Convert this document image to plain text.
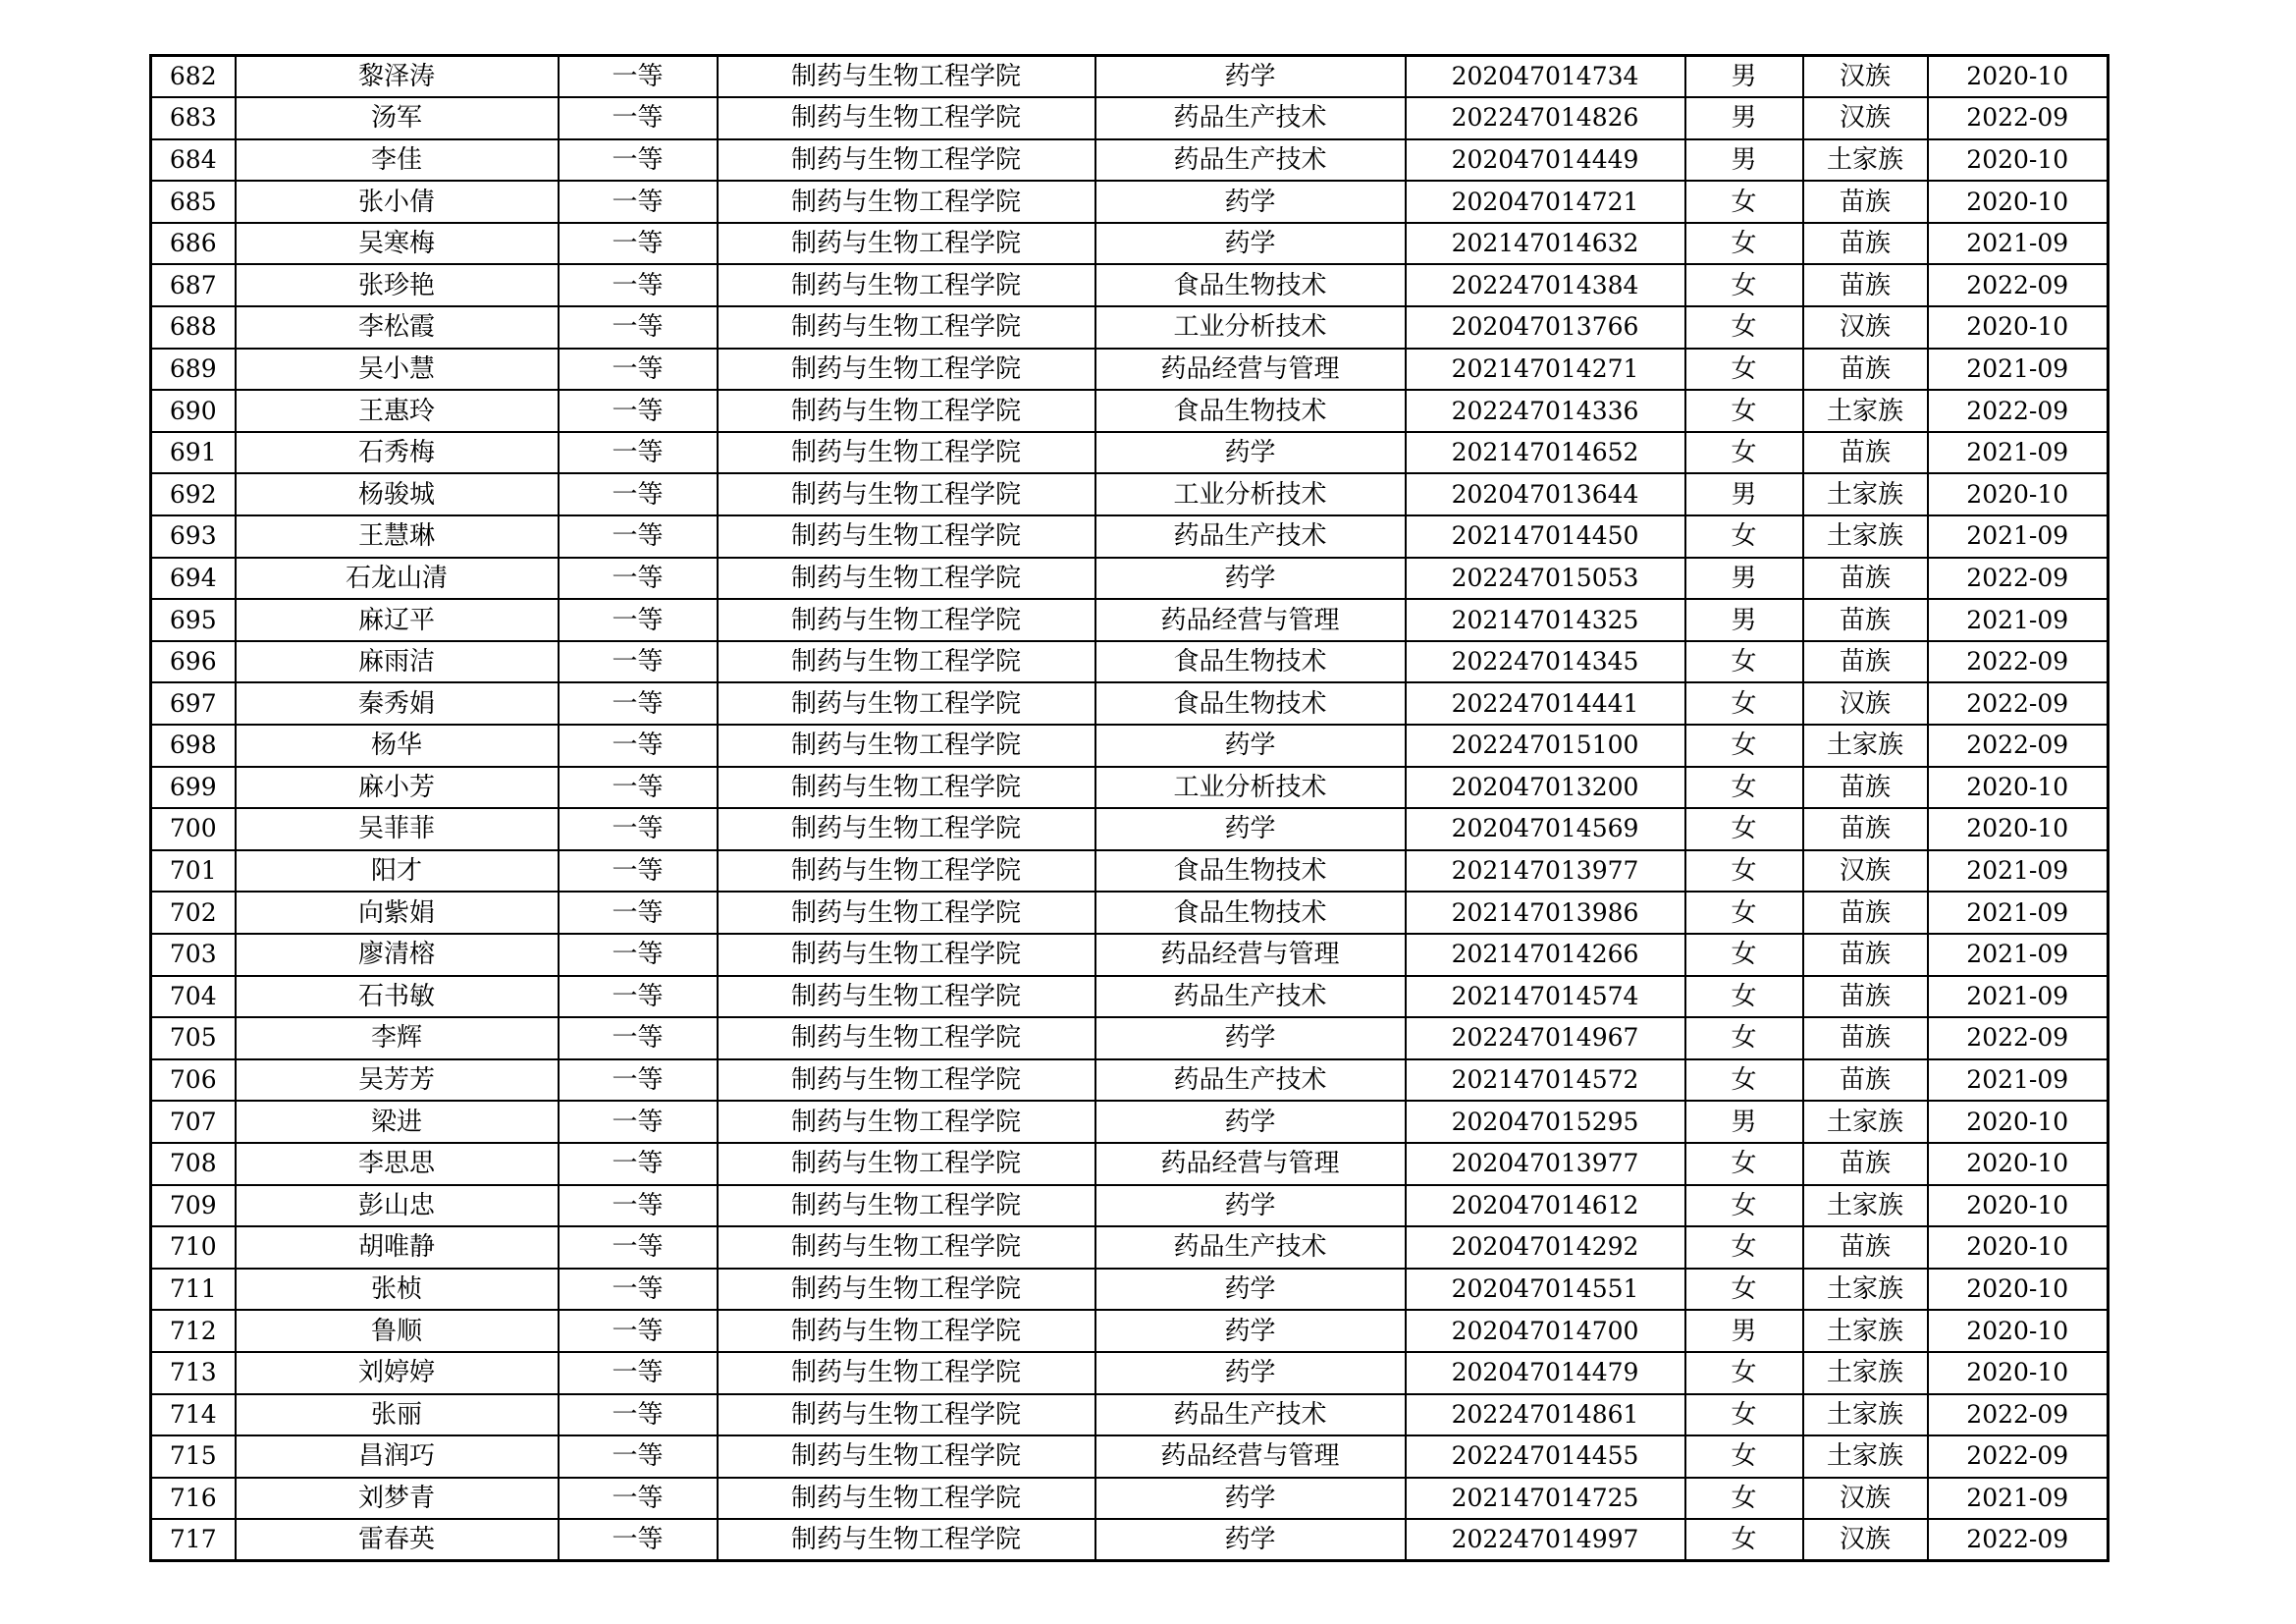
682	黎泽涛	一等	制药与生物工程学院	药学	202047014734	男	汉族	2020-10
683	汤军	一等	制药与生物工程学院	药品生产技术	202247014826	男	汉族	2022-09
684	李佳	一等	制药与生物工程学院	药品生产技术	202047014449	男	土家族	2020-10
685	张小倩	一等	制药与生物工程学院	药学	202047014721	女	苗族	2020-10
686	吴寒梅	一等	制药与生物工程学院	药学	202147014632	女	苗族	2021-09
687	张珍艳	一等	制药与生物工程学院	食品生物技术	202247014384	女	苗族	2022-09
688	李松霞	一等	制药与生物工程学院	工业分析技术	202047013766	女	汉族	2020-10
689	吴小慧	一等	制药与生物工程学院	药品经营与管理	202147014271	女	苗族	2021-09
690	王惠玲	一等	制药与生物工程学院	食品生物技术	202247014336	女	土家族	2022-09
691	石秀梅	一等	制药与生物工程学院	药学	202147014652	女	苗族	2021-09
692	杨骏城	一等	制药与生物工程学院	工业分析技术	202047013644	男	土家族	2020-10
693	王慧琳	一等	制药与生物工程学院	药品生产技术	202147014450	女	土家族	2021-09
694	石龙山清	一等	制药与生物工程学院	药学	202247015053	男	苗族	2022-09
695	麻辽平	一等	制药与生物工程学院	药品经营与管理	202147014325	男	苗族	2021-09
696	麻雨洁	一等	制药与生物工程学院	食品生物技术	202247014345	女	苗族	2022-09
697	秦秀娟	一等	制药与生物工程学院	食品生物技术	202247014441	女	汉族	2022-09
698	杨华	一等	制药与生物工程学院	药学	202247015100	女	土家族	2022-09
699	麻小芳	一等	制药与生物工程学院	工业分析技术	202047013200	女	苗族	2020-10
700	吴菲菲	一等	制药与生物工程学院	药学	202047014569	女	苗族	2020-10
701	阳才	一等	制药与生物工程学院	食品生物技术	202147013977	女	汉族	2021-09
702	向紫娟	一等	制药与生物工程学院	食品生物技术	202147013986	女	苗族	2021-09
703	廖清榕	一等	制药与生物工程学院	药品经营与管理	202147014266	女	苗族	2021-09
704	石书敏	一等	制药与生物工程学院	药品生产技术	202147014574	女	苗族	2021-09
705	李辉	一等	制药与生物工程学院	药学	202247014967	女	苗族	2022-09
706	吴芳芳	一等	制药与生物工程学院	药品生产技术	202147014572	女	苗族	2021-09
707	梁进	一等	制药与生物工程学院	药学	202047015295	男	土家族	2020-10
708	李思思	一等	制药与生物工程学院	药品经营与管理	202047013977	女	苗族	2020-10
709	彭山忠	一等	制药与生物工程学院	药学	202047014612	女	土家族	2020-10
710	胡唯静	一等	制药与生物工程学院	药品生产技术	202047014292	女	苗族	2020-10
711	张桢	一等	制药与生物工程学院	药学	202047014551	女	土家族	2020-10
712	鲁顺	一等	制药与生物工程学院	药学	202047014700	男	土家族	2020-10
713	刘婷婷	一等	制药与生物工程学院	药学	202047014479	女	土家族	2020-10
714	张丽	一等	制药与生物工程学院	药品生产技术	202247014861	女	土家族	2022-09
715	昌润巧	一等	制药与生物工程学院	药品经营与管理	202247014455	女	土家族	2022-09
716	刘梦青	一等	制药与生物工程学院	药学	202147014725	女	汉族	2021-09
717	雷春英	一等	制药与生物工程学院	药学	202247014997	女	汉族	2022-09
